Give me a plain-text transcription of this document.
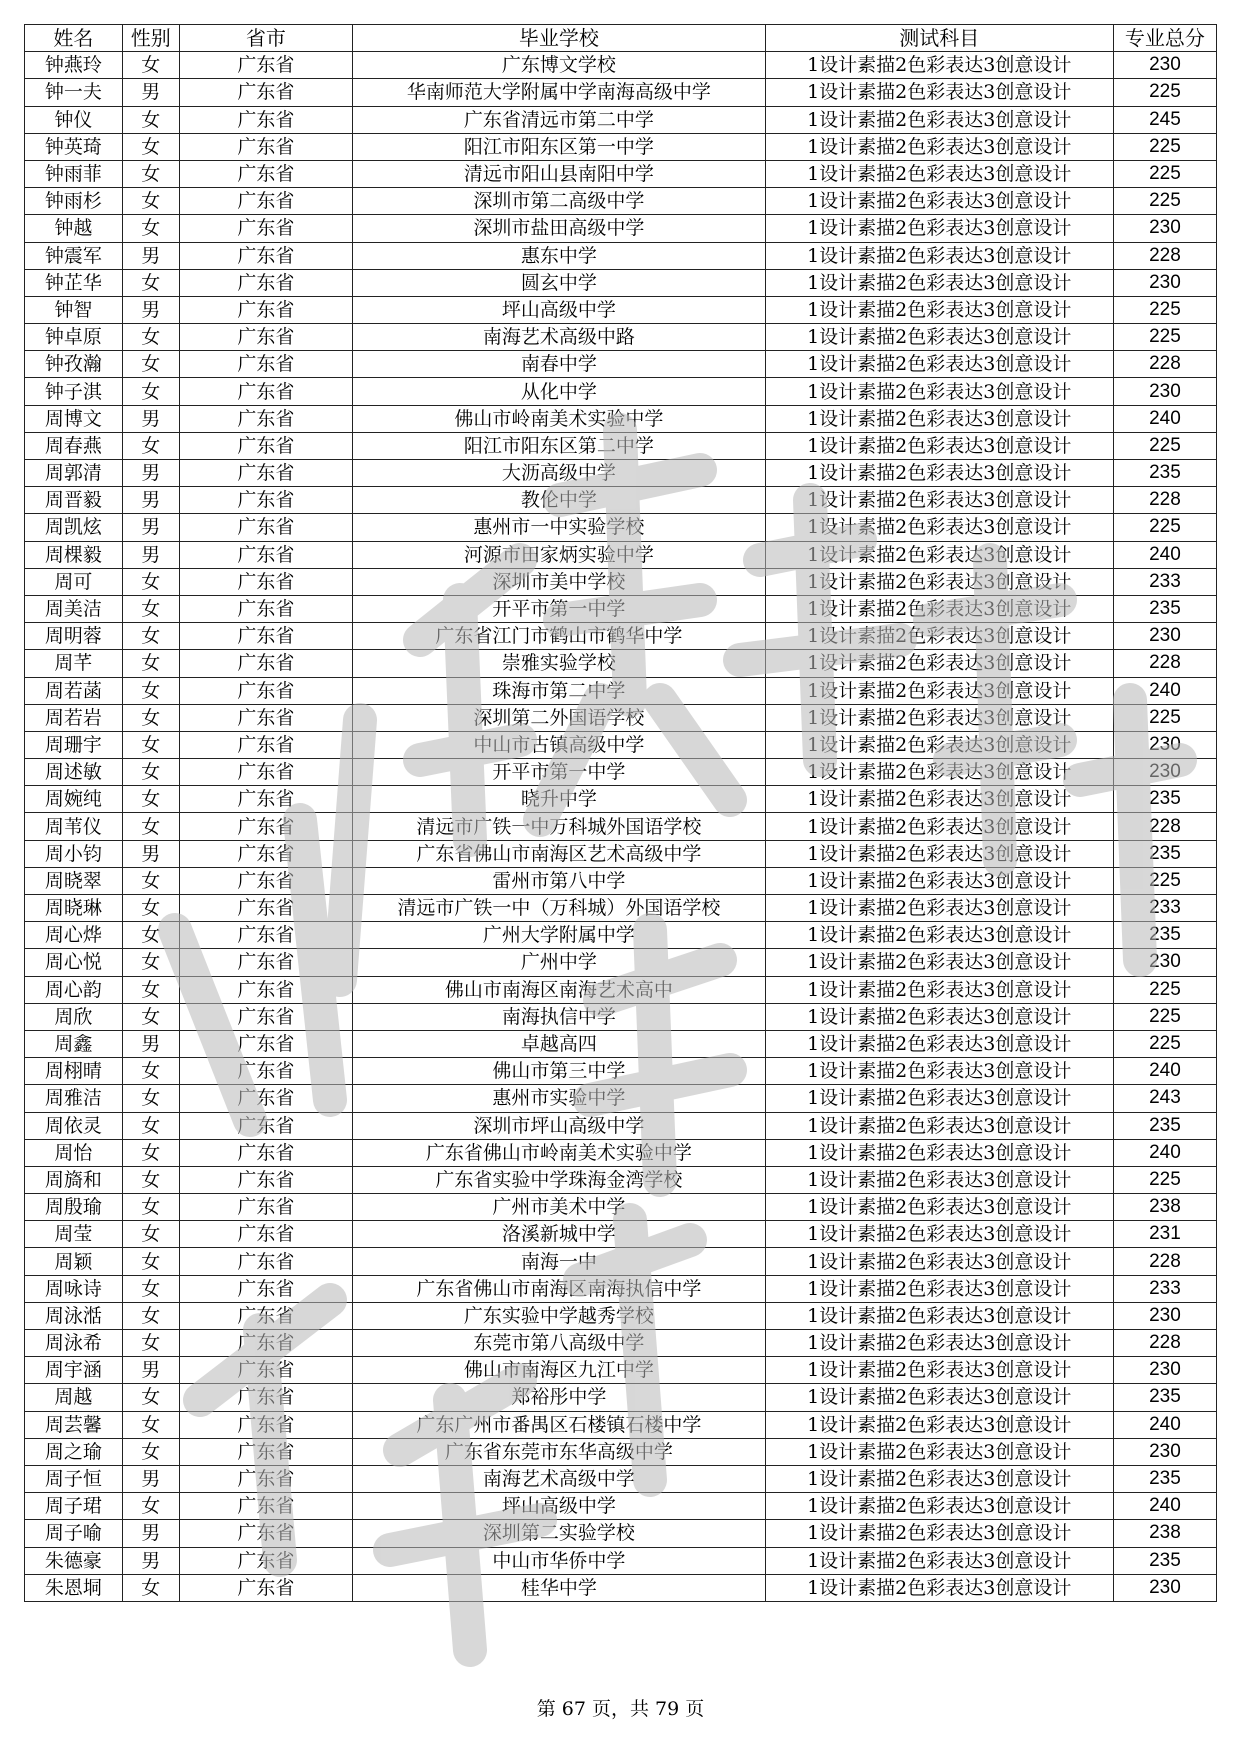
姓名	性别	省市	毕业学校	测试科目	专业总分
钟燕玲	女	广东省	广东博文学校	1设计素描2色彩表达3创意设计	230
钟一夫	男	广东省	华南师范大学附属中学南海高级中学	1设计素描2色彩表达3创意设计	225
钟仪	女	广东省	广东省清远市第二中学	1设计素描2色彩表达3创意设计	245
钟英琦	女	广东省	阳江市阳东区第一中学	1设计素描2色彩表达3创意设计	225
钟雨菲	女	广东省	清远市阳山县南阳中学	1设计素描2色彩表达3创意设计	225
钟雨杉	女	广东省	深圳市第二高级中学	1设计素描2色彩表达3创意设计	225
钟越	女	广东省	深圳市盐田高级中学	1设计素描2色彩表达3创意设计	230
钟震军	男	广东省	惠东中学	1设计素描2色彩表达3创意设计	228
钟芷华	女	广东省	圆玄中学	1设计素描2色彩表达3创意设计	230
钟智	男	广东省	坪山高级中学	1设计素描2色彩表达3创意设计	225
钟卓原	女	广东省	南海艺术高级中路	1设计素描2色彩表达3创意设计	225
钟孜瀚	女	广东省	南春中学	1设计素描2色彩表达3创意设计	228
钟子淇	女	广东省	从化中学	1设计素描2色彩表达3创意设计	230
周博文	男	广东省	佛山市岭南美术实验中学	1设计素描2色彩表达3创意设计	240
周春燕	女	广东省	阳江市阳东区第二中学	1设计素描2色彩表达3创意设计	225
周郭清	男	广东省	大沥高级中学	1设计素描2色彩表达3创意设计	235
周晋毅	男	广东省	教伦中学	1设计素描2色彩表达3创意设计	228
周凯炫	男	广东省	惠州市一中实验学校	1设计素描2色彩表达3创意设计	225
周棵毅	男	广东省	河源市田家炳实验中学	1设计素描2色彩表达3创意设计	240
周可	女	广东省	深圳市美中学校	1设计素描2色彩表达3创意设计	233
周美洁	女	广东省	开平市第一中学	1设计素描2色彩表达3创意设计	235
周明蓉	女	广东省	广东省江门市鹤山市鹤华中学	1设计素描2色彩表达3创意设计	230
周芊	女	广东省	崇雅实验学校	1设计素描2色彩表达3创意设计	228
周若菡	女	广东省	珠海市第二中学	1设计素描2色彩表达3创意设计	240
周若岩	女	广东省	深圳第二外国语学校	1设计素描2色彩表达3创意设计	225
周珊宇	女	广东省	中山市古镇高级中学	1设计素描2色彩表达3创意设计	230
周述敏	女	广东省	开平市第一中学	1设计素描2色彩表达3创意设计	230
周婉纯	女	广东省	晓升中学	1设计素描2色彩表达3创意设计	235
周苇仪	女	广东省	清远市广铁一中万科城外国语学校	1设计素描2色彩表达3创意设计	228
周小钧	男	广东省	广东省佛山市南海区艺术高级中学	1设计素描2色彩表达3创意设计	235
周晓翠	女	广东省	雷州市第八中学	1设计素描2色彩表达3创意设计	225
周晓琳	女	广东省	清远市广铁一中（万科城）外国语学校	1设计素描2色彩表达3创意设计	233
周心烨	女	广东省	广州大学附属中学	1设计素描2色彩表达3创意设计	235
周心悦	女	广东省	广州中学	1设计素描2色彩表达3创意设计	230
周心韵	女	广东省	佛山市南海区南海艺术高中	1设计素描2色彩表达3创意设计	225
周欣	女	广东省	南海执信中学	1设计素描2色彩表达3创意设计	225
周鑫	男	广东省	卓越高四	1设计素描2色彩表达3创意设计	225
周栩晴	女	广东省	佛山市第三中学	1设计素描2色彩表达3创意设计	240
周雅洁	女	广东省	惠州市实验中学	1设计素描2色彩表达3创意设计	243
周依灵	女	广东省	深圳市坪山高级中学	1设计素描2色彩表达3创意设计	235
周怡	女	广东省	广东省佛山市岭南美术实验中学	1设计素描2色彩表达3创意设计	240
周旖和	女	广东省	广东省实验中学珠海金湾学校	1设计素描2色彩表达3创意设计	225
周殷瑜	女	广东省	广州市美术中学	1设计素描2色彩表达3创意设计	238
周莹	女	广东省	洛溪新城中学	1设计素描2色彩表达3创意设计	231
周颖	女	广东省	南海一中	1设计素描2色彩表达3创意设计	228
周咏诗	女	广东省	广东省佛山市南海区南海执信中学	1设计素描2色彩表达3创意设计	233
周泳湉	女	广东省	广东实验中学越秀学校	1设计素描2色彩表达3创意设计	230
周泳希	女	广东省	东莞市第八高级中学	1设计素描2色彩表达3创意设计	228
周宇涵	男	广东省	佛山市南海区九江中学	1设计素描2色彩表达3创意设计	230
周越	女	广东省	郑裕彤中学	1设计素描2色彩表达3创意设计	235
周芸馨	女	广东省	广东广州市番禺区石楼镇石楼中学	1设计素描2色彩表达3创意设计	240
周之瑜	女	广东省	广东省东莞市东华高级中学	1设计素描2色彩表达3创意设计	230
周子恒	男	广东省	南海艺术高级中学	1设计素描2色彩表达3创意设计	235
周子珺	女	广东省	坪山高级中学	1设计素描2色彩表达3创意设计	240
周子喻	男	广东省	深圳第二实验学校	1设计素描2色彩表达3创意设计	238
朱德豪	男	广东省	中山市华侨中学	1设计素描2色彩表达3创意设计	235
朱恩垌	女	广东省	桂华中学	1设计素描2色彩表达3创意设计	230
第 67 页，共 79 页
